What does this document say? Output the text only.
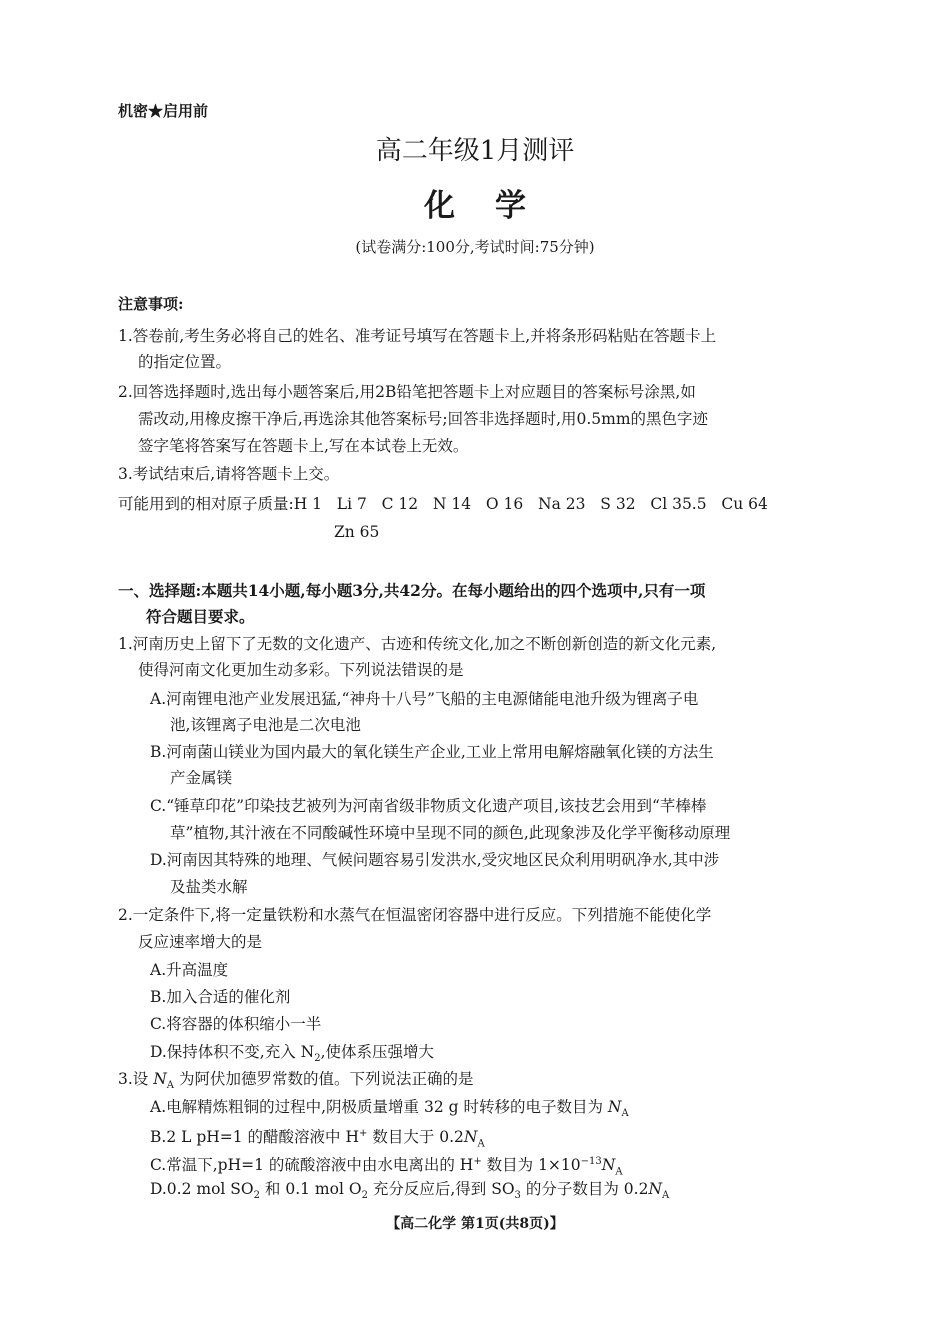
机密★启用前
高二年级1月测评
化学
(试卷满分:100分,考试时间:75分钟)
注意事项:
1.答卷前,考生务必将自己的姓名、准考证号填写在答题卡上,并将条形码粘贴在答题卡上
的指定位置。
2.回答选择题时,选出每小题答案后,用2B铅笔把答题卡上对应题目的答案标号涂黑,如
需改动,用橡皮擦干净后,再选涂其他答案标号;回答非选择题时,用0.5mm的黑色字迹
签字笔将答案写在答题卡上,写在本试卷上无效。
3.考试结束后,请将答题卡上交。
可能用到的相对原子质量:H 1   Li 7   C 12   N 14   O 16   Na 23   S 32   Cl 35.5   Cu 64
Zn 65
一、选择题:本题共14小题,每小题3分,共42分。在每小题给出的四个选项中,只有一项
符合题目要求。
1.河南历史上留下了无数的文化遗产、古迹和传统文化,加之不断创新创造的新文化元素,
使得河南文化更加生动多彩。下列说法错误的是
A.河南锂电池产业发展迅猛,“神舟十八号”飞船的主电源储能电池升级为锂离子电
池,该锂离子电池是二次电池
B.河南菌山镁业为国内最大的氧化镁生产企业,工业上常用电解熔融氧化镁的方法生
产金属镁
C.“锤草印花”印染技艺被列为河南省级非物质文化遗产项目,该技艺会用到“芊棒棒
草”植物,其汁液在不同酸碱性环境中呈现不同的颜色,此现象涉及化学平衡移动原理
D.河南因其特殊的地理、气候问题容易引发洪水,受灾地区民众利用明矾净水,其中涉
及盐类水解
2.一定条件下,将一定量铁粉和水蒸气在恒温密闭容器中进行反应。下列措施不能使化学
反应速率增大的是
A.升高温度
B.加入合适的催化剂
C.将容器的体积缩小一半
D.保持体积不变,充入 $N_2$,使体系压强增大
3.设 $N_A$ 为阿伏加德罗常数的值。下列说法正确的是
A.电解精炼粗铜的过程中,阴极质量增重 32 g 时转移的电子数目为 $N_A$
B.2 L pH=1 的醋酸溶液中 H+ 数目大于 $0.2N_A$
C.常温下,pH=1 的硫酸溶液中由水电离出的 H+ 数目为 $1\times 10^{-13}N_A$
D.0.2 mol $SO_2$ 和 0.1 mol $O_2$ 充分反应后,得到 $SO_3$ 的分子数目为 $0.2N_A$
【高二化学 第1页(共8页)】
